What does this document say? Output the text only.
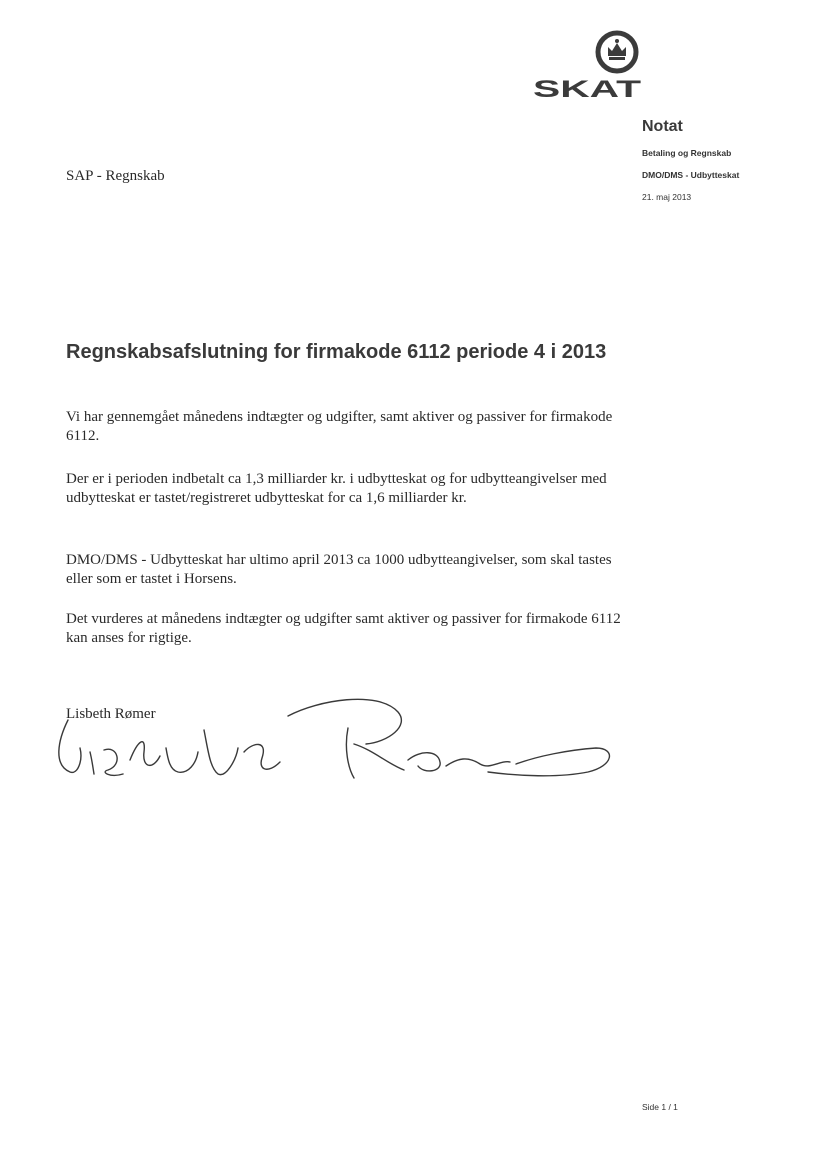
SKAT
Notat
Betaling og Regnskab
DMO/DMS - Udbytteskat
21. maj 2013
SAP - Regnskab
Regnskabsafslutning for firmakode 6112 periode 4 i 2013

Vi har gennemgået månedens indtægter og udgifter, samt aktiver og passiver for firmakode 6112.

Der er i perioden indbetalt ca 1,3 milliarder kr. i udbytteskat og for udbytteangivelser med udbytteskat er tastet/registreret udbytteskat for ca 1,6 milliarder kr.

DMO/DMS - Udbytteskat har ultimo april 2013 ca 1000 udbytteangivelser, som skal tastes eller som er tastet i Horsens.

Det vurderes at månedens indtægter og udgifter samt aktiver og passiver for firmakode 6112 kan anses for rigtige.

Lisbeth Rømer
Side 1 / 1
